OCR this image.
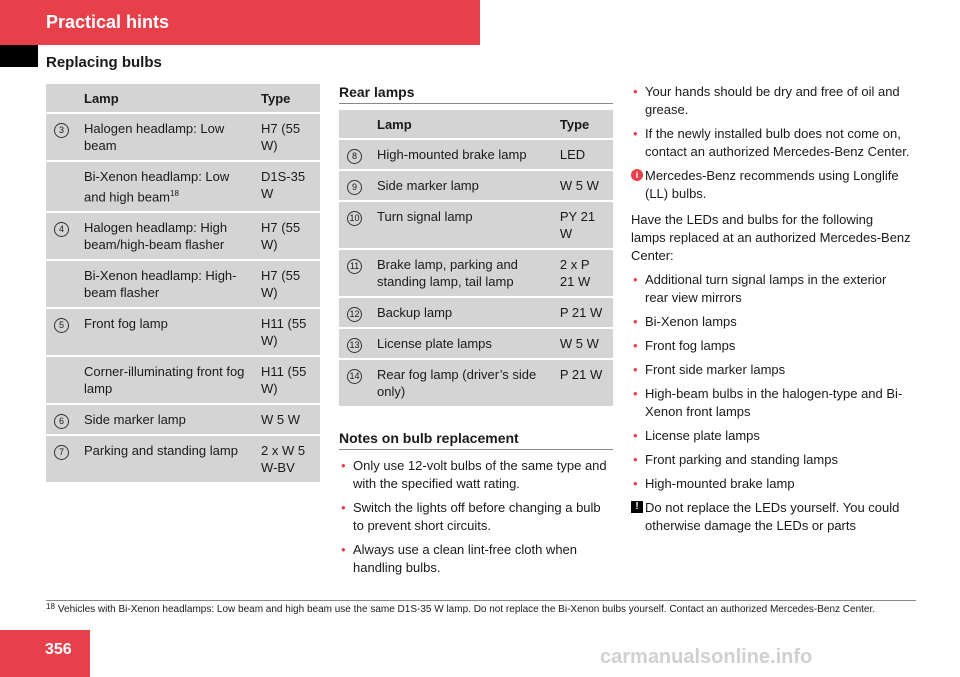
Practical hints
Replacing bulbs
	Lamp	Type
3	Halogen headlamp: Low beam	H7 (55 W)
	Bi-Xenon headlamp: Low and high beam$^{18}$	D1S-35 W
4	Halogen headlamp: High beam/high-beam flasher	H7 (55 W)
	Bi-Xenon headlamp: High-beam flasher	H7 (55 W)
5	Front fog lamp	H11 (55 W)
	Corner-illuminating front fog lamp	H11 (55 W)
6	Side marker lamp	W 5 W
7	Parking and standing lamp	2 x W 5 W-BV
Rear lamps
	Lamp	Type
8	High-mounted brake lamp	LED
9	Side marker lamp	W 5 W
10	Turn signal lamp	PY 21 W
11	Brake lamp, parking and standing lamp, tail lamp	2 x P 21 W
12	Backup lamp	P 21 W
13	License plate lamps	W 5 W
14	Rear fog lamp (driver’s side only)	P 21 W
Notes on bulb replacement
• Only use 12-volt bulbs of the same type and with the specified watt rating.
• Switch the lights off before changing a bulb to prevent short circuits.
• Always use a clean lint-free cloth when handling bulbs.
• Your hands should be dry and free of oil and grease.
• If the newly installed bulb does not come on, contact an authorized Mercedes-Benz Center.
i Mercedes-Benz recommends using Longlife (LL) bulbs.

Have the LEDs and bulbs for the following lamps replaced at an authorized Mercedes-Benz Center:

• Additional turn signal lamps in the exterior rear view mirrors
• Bi-Xenon lamps
• Front fog lamps
• Front side marker lamps
• High-beam bulbs in the halogen-type and Bi-Xenon front lamps
• License plate lamps
• Front parking and standing lamps
• High-mounted brake lamp
! Do not replace the LEDs yourself. You could otherwise damage the LEDs or parts
$^{18}$ Vehicles with Bi-Xenon headlamps: Low beam and high beam use the same D1S-35 W lamp. Do not replace the Bi-Xenon bulbs yourself. Contact an authorized Mercedes-Benz Center.
356	carmanualsonline.info
